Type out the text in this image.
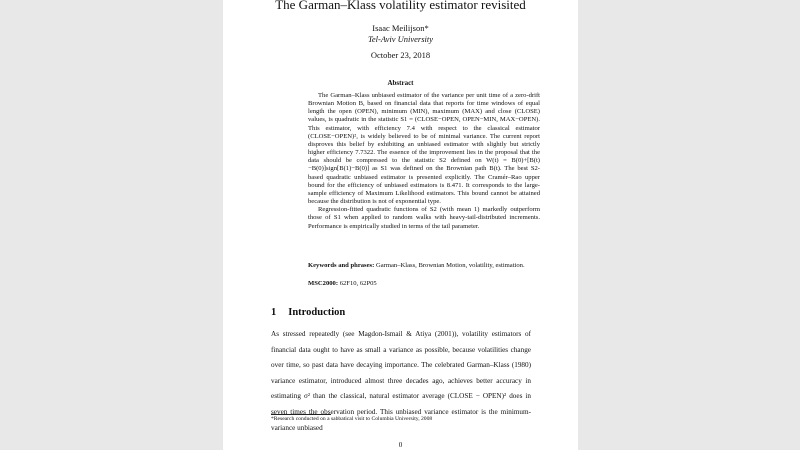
The Garman–Klass volatility estimator revisited
Isaac Meilijson*
Tel-Aviv University
October 23, 2018
Abstract

The Garman–Klass unbiased estimator of the variance per unit time of a zero-drift Brownian Motion B, based on financial data that reports for time windows of equal length the open (OPEN), minimum (MIN), maximum (MAX) and close (CLOSE) values, is quadratic in the statistic S1 = (CLOSE−OPEN, OPEN−MIN, MAX−OPEN). This estimator, with efficiency 7.4 with respect to the classical estimator (CLOSE−OPEN)², is widely believed to be of minimal variance. The current report disproves this belief by exhibiting an unbiased estimator with slightly but strictly higher efficiency 7.7322. The essence of the improvement lies in the proposal that the data should be compressed to the statistic S2 defined on W(t) = B(0)+[B(t)−B(0)]sign[B(1)−B(0)] as S1 was defined on the Brownian path B(t). The best S2-based quadratic unbiased estimator is presented explicitly. The Cramér–Rao upper bound for the efficiency of unbiased estimators is 8.471. It corresponds to the large-sample efficiency of Maximum Likelihood estimators. This bound cannot be attained because the distribution is not of exponential type.

Regression-fitted quadratic functions of S2 (with mean 1) markedly outperform those of S1 when applied to random walks with heavy-tail-distributed increments. Performance is empirically studied in terms of the tail parameter.

Keywords and phrases: Garman–Klass, Brownian Motion, volatility, estimation.
MSC2000: 62F10, 62P05
1 Introduction
As stressed repeatedly (see Magdon-Ismail & Atiya (2001)), volatility estimators of financial data ought to have as small a variance as possible, because volatilities change over time, so past data have decaying importance. The celebrated Garman–Klass (1980) variance estimator, introduced almost three decades ago, achieves better accuracy in estimating σ² than the classical, natural estimator average (CLOSE − OPEN)² does in seven times the observation period. This unbiased variance estimator is the minimum-variance unbiased
*Research conducted on a sabbatical visit to Columbia University, 2008
0
